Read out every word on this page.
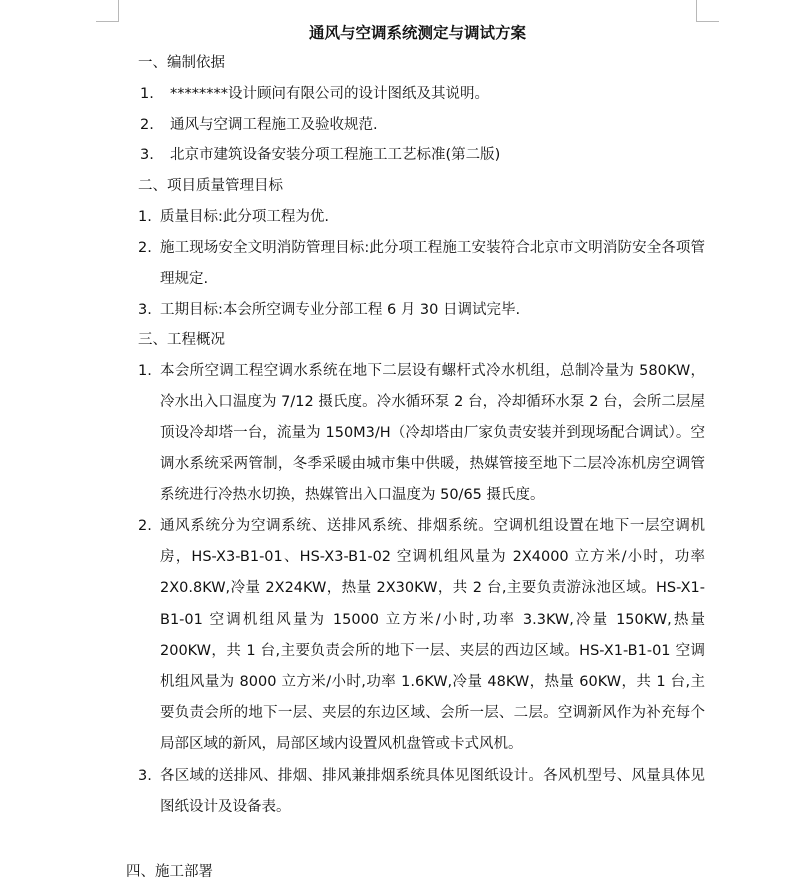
通风与空调系统测定与调试方案
一、编制依据
1.	********设计顾问有限公司的设计图纸及其说明。
2.	通风与空调工程施工及验收规范.
3.	北京市建筑设备安装分项工程施工工艺标准(第二版)
二、项目质量管理目标
1. 质量目标:此分项工程为优.
2. 施工现场安全文明消防管理目标:此分项工程施工安装符合北京市文明消防安全各项管理规定.
3. 工期目标:本会所空调专业分部工程 6 月 30 日调试完毕.
三、工程概况
1. 本会所空调工程空调水系统在地下二层设有螺杆式冷水机组，总制冷量为 580KW，冷水出入口温度为 7/12 摄氏度。冷水循环泵 2 台，冷却循环水泵 2 台，会所二层屋顶设冷却塔一台，流量为 150M3/H（冷却塔由厂家负责安装并到现场配合调试）。空调水系统采两管制，冬季采暖由城市集中供暖，热媒管接至地下二层冷冻机房空调管系统进行冷热水切换，热媒管出入口温度为 50/65 摄氏度。
2. 通风系统分为空调系统、送排风系统、排烟系统。空调机组设置在地下一层空调机房，HS-X3-B1-01、HS-X3-B1-02 空调机组风量为 2X4000 立方米/小时，功率 2X0.8KW,冷量 2X24KW，热量 2X30KW，共 2 台,主要负责游泳池区域。HS-X1-B1-01 空调机组风量为 15000 立方米/小时,功率 3.3KW,冷量 150KW,热量 200KW，共 1 台,主要负责会所的地下一层、夹层的西边区域。HS-X1-B1-01 空调机组风量为 8000 立方米/小时,功率 1.6KW,冷量 48KW，热量 60KW，共 1 台,主要负责会所的地下一层、夹层的东边区域、会所一层、二层。空调新风作为补充每个局部区域的新风，局部区域内设置风机盘管或卡式风机。
3. 各区域的送排风、排烟、排风兼排烟系统具体见图纸设计。各风机型号、风量具体见图纸设计及设备表。
四、施工部署
